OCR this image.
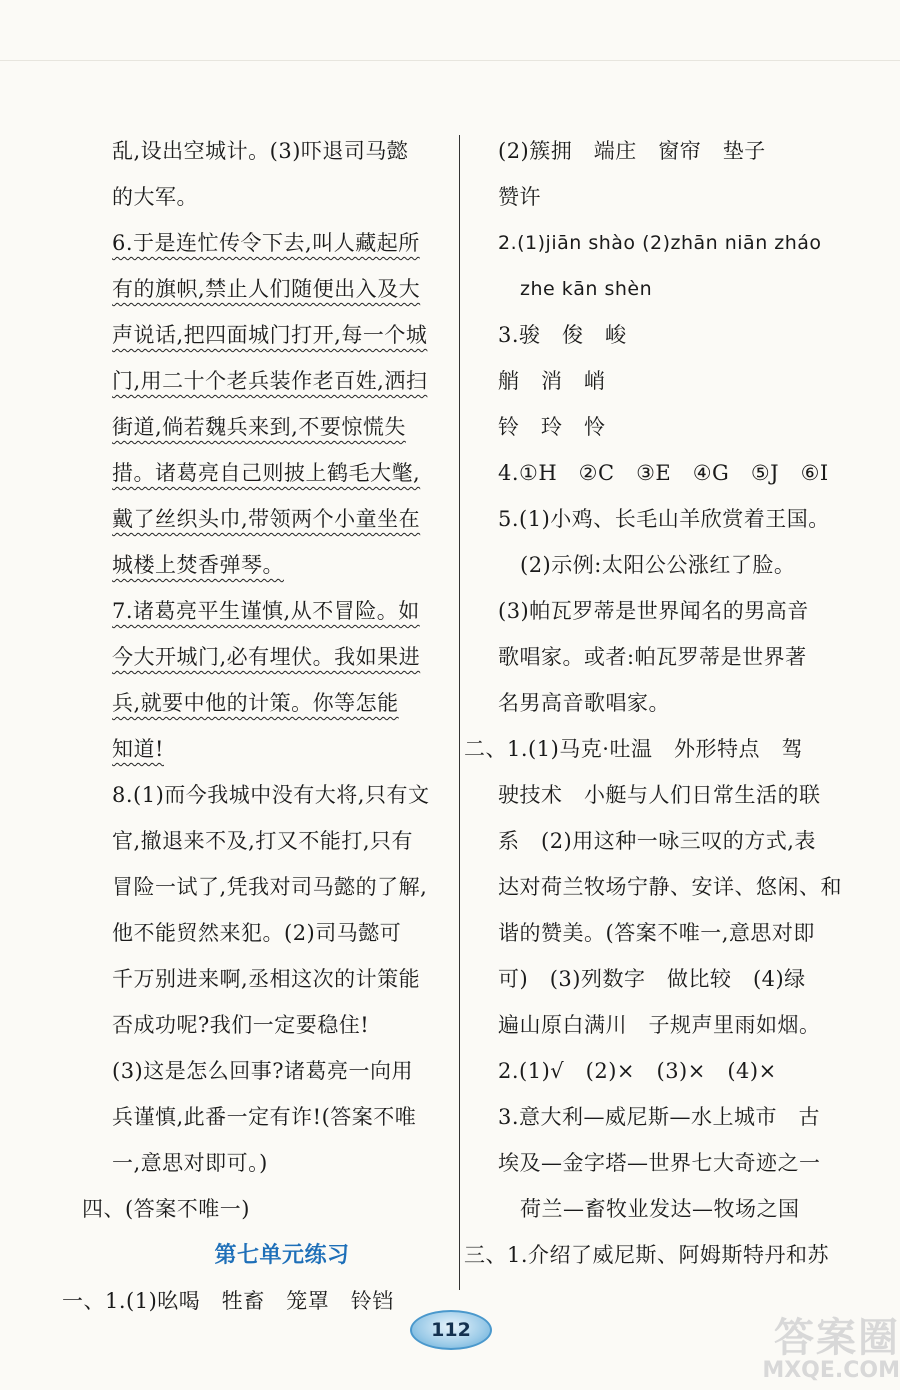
乱,设出空城计。(3)吓退司马懿
的大军。
6.于是连忙传令下去,叫人藏起所
有的旗帜,禁止人们随便出入及大
声说话,把四面城门打开,每一个城
门,用二十个老兵装作老百姓,洒扫
街道,倘若魏兵来到,不要惊慌失
措。诸葛亮自己则披上鹤毛大氅,
戴了丝织头巾,带领两个小童坐在
城楼上焚香弹琴。
7.诸葛亮平生谨慎,从不冒险。如
今大开城门,必有埋伏。我如果进
兵,就要中他的计策。你等怎能
知道!
8.(1)而今我城中没有大将,只有文
官,撤退来不及,打又不能打,只有
冒险一试了,凭我对司马懿的了解,
他不能贸然来犯。(2)司马懿可
千万别进来啊,丞相这次的计策能
否成功呢?我们一定要稳住!
(3)这是怎么回事?诸葛亮一向用
兵谨慎,此番一定有诈!(答案不唯
一,意思对即可。)
四、(答案不唯一)
第七单元练习
一、1.(1)吆喝　牲畜　笼罩　铃铛
(2)簇拥　端庄　窗帘　垫子
赞许
2.(1)jiān shào (2)zhān niān zháo
zhe kān shèn
3.骏　俊　峻
艄　消　峭
铃　玲　怜
4.①H　②C　③E　④G　⑤J　⑥I
5.(1)小鸡、长毛山羊欣赏着王国。
(2)示例:太阳公公涨红了脸。
(3)帕瓦罗蒂是世界闻名的男高音
歌唱家。或者:帕瓦罗蒂是世界著
名男高音歌唱家。
二、1.(1)马克·吐温　外形特点　驾
驶技术　小艇与人们日常生活的联
系　(2)用这种一咏三叹的方式,表
达对荷兰牧场宁静、安详、悠闲、和
谐的赞美。(答案不唯一,意思对即
可)　(3)列数字　做比较　(4)绿
遍山原白满川　子规声里雨如烟。
2.(1)√　(2)×　(3)×　(4)×
3.意大利—威尼斯—水上城市　古
埃及—金字塔—世界七大奇迹之一
荷兰—畜牧业发达—牧场之国
三、1.介绍了威尼斯、阿姆斯特丹和苏
112	答案圈
MXQE.COM
